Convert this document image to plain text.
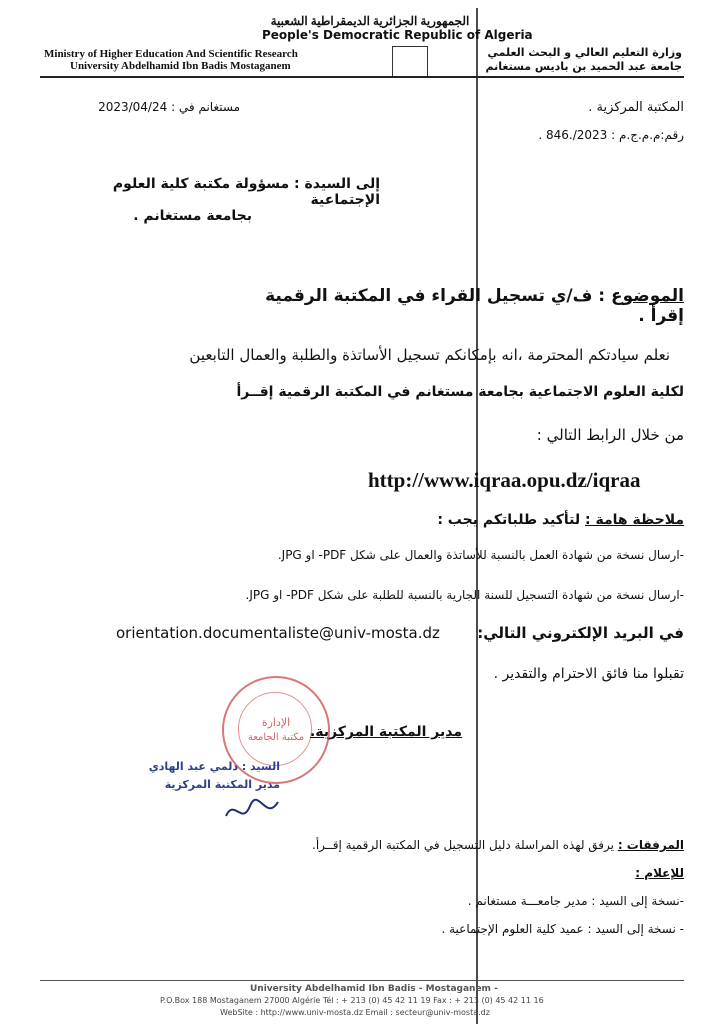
الجمهورية الجزائرية الديمقراطية الشعبية
People's Democratic Republic of Algeria
Ministry of Higher Education And Scientific Research
University Abdelhamid Ibn Badis Mostaganem
وزارة التعليم العالي و البحث العلمي
جامعة عبد الحميد بن باديس مستغانم
المكتبة المركزية .
رقم:م.م.ج.م : 2023/.846 .
مستغانم في : 2023/04/24
إلى السيدة : مسؤولة مكتبة كلية العلوم الإجتماعية
بجامعة مستغانم .
الموضوع : ف/ي تسجيل القراء في المكتبة الرقمية إقرأ .
نعلم سيادتكم المحترمة ،انه بإمكانكم تسجيل الأساتذة والطلبة والعمال التابعين
لكلية العلوم الاجتماعية بجامعة مستغانم في المكتبة الرقمية إقــرأ
من خلال الرابط التالي :
http://www.iqraa.opu.dz/iqraa
ملاحظة هامة : لتأكيد طلباتكم يجب :
-ارسال نسخة من شهادة العمل بالنسبة للأساتذة والعمال على شكل PDF- او JPG.
-ارسال نسخة من شهادة التسجيل للسنة الجارية بالنسبة للطلبة على شكل PDF- او JPG.
في البريد الإلكتروني التالي:
orientation.documentaliste@univ-mosta.dz
تقبلوا منا فائق الاحترام والتقدير .
الإدارة
مكتبة الجامعة مدير المكتبة المركزية.
السيد : دلمي عبد الهادي
مدير المكتبة المركزية
المرفقات : يرفق لهذه المراسلة دليل التسجيل في المكتبة الرقمية إقــرأ.
للإعلام :
-نسخة إلى السيد : مدير جامعـــة مستغانم .
- نسخة إلى السيد : عميد كلية العلوم الإجتماعية .
University Abdelhamid Ibn Badis - Mostaganem -
P.O.Box 188 Mostaganem 27000 Algérie Tél : + 213 (0) 45 42 11 19 Fax : + 213 (0) 45 42 11 16
WebSite : http://www.univ-mosta.dz Email : secteur@univ-mosta.dz
